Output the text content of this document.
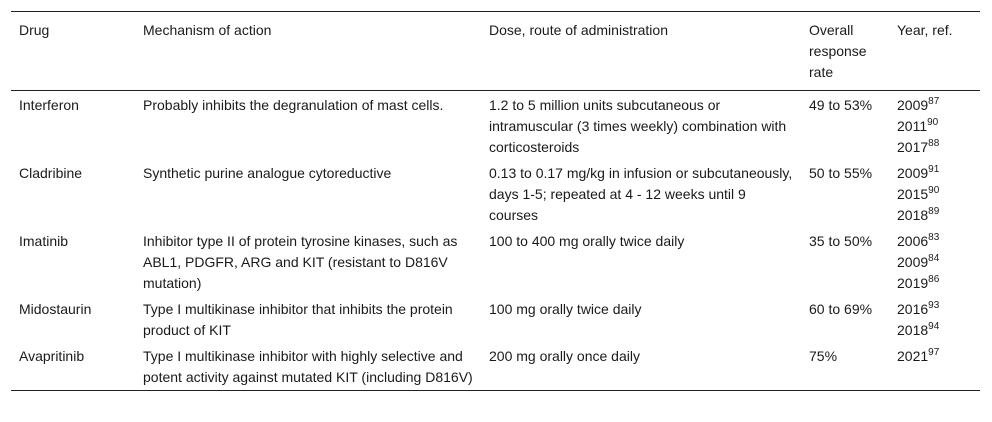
Drug	Mechanism of action	Dose, route of administration	Overall response rate	Year, ref.
Interferon	Probably inhibits the degranulation of mast cells.	1.2 to 5 million units subcutaneous or intramuscular (3 times weekly) combination with corticosteroids	49 to 53%	2009$^{87}$
2011$^{90}$
2017$^{88}$

Cladribine	Synthetic purine analogue cytoreductive	0.13 to 0.17 mg/kg in infusion or subcutaneously, days 1-5; repeated at 4 - 12 weeks until 9 courses	50 to 55%	2009$^{91}$
2015$^{90}$
2018$^{89}$

Imatinib	Inhibitor type II of protein tyrosine kinases, such as ABL1, PDGFR, ARG and KIT (resistant to D816V mutation)	100 to 400 mg orally twice daily	35 to 50%	2006$^{83}$
2009$^{84}$
2019$^{86}$

Midostaurin	Type I multikinase inhibitor that inhibits the protein product of KIT	100 mg orally twice daily	60 to 69%	2016$^{93}$
2018$^{94}$

Avapritinib	Type I multikinase inhibitor with highly selective and potent activity against mutated KIT (including D816V)	200 mg orally once daily	75%	2021$^{97}$
